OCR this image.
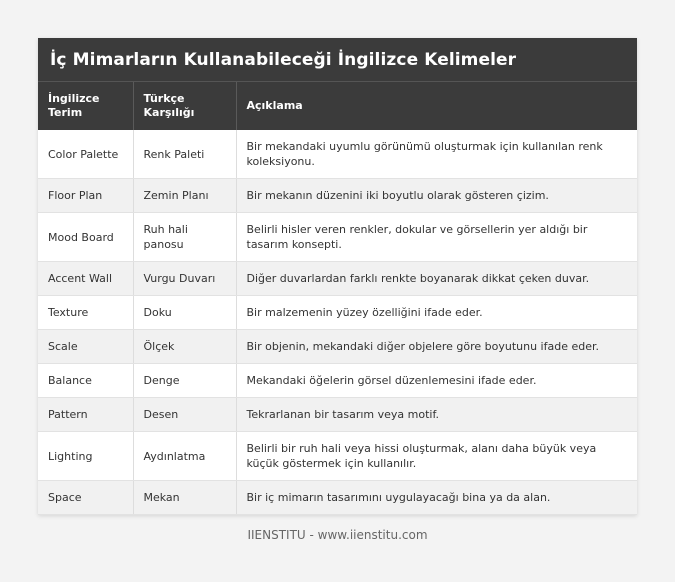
İç Mimarların Kullanabileceği İngilizce Kelimeler
İngilizce Terim	Türkçe Karşılığı	Açıklama
Color Palette	Renk Paleti	Bir mekandaki uyumlu görünümü oluşturmak için kullanılan renk koleksiyonu.
Floor Plan	Zemin Planı	Bir mekanın düzenini iki boyutlu olarak gösteren çizim.
Mood Board	Ruh hali panosu	Belirli hisler veren renkler, dokular ve görsellerin yer aldığı bir tasarım konsepti.
Accent Wall	Vurgu Duvarı	Diğer duvarlardan farklı renkte boyanarak dikkat çeken duvar.
Texture	Doku	Bir malzemenin yüzey özelliğini ifade eder.
Scale	Ölçek	Bir objenin, mekandaki diğer objelere göre boyutunu ifade eder.
Balance	Denge	Mekandaki öğelerin görsel düzenlemesini ifade eder.
Pattern	Desen	Tekrarlanan bir tasarım veya motif.
Lighting	Aydınlatma	Belirli bir ruh hali veya hissi oluşturmak, alanı daha büyük veya küçük göstermek için kullanılır.
Space	Mekan	Bir iç mimarın tasarımını uygulayacağı bina ya da alan.
IIENSTITU - www.iienstitu.com
